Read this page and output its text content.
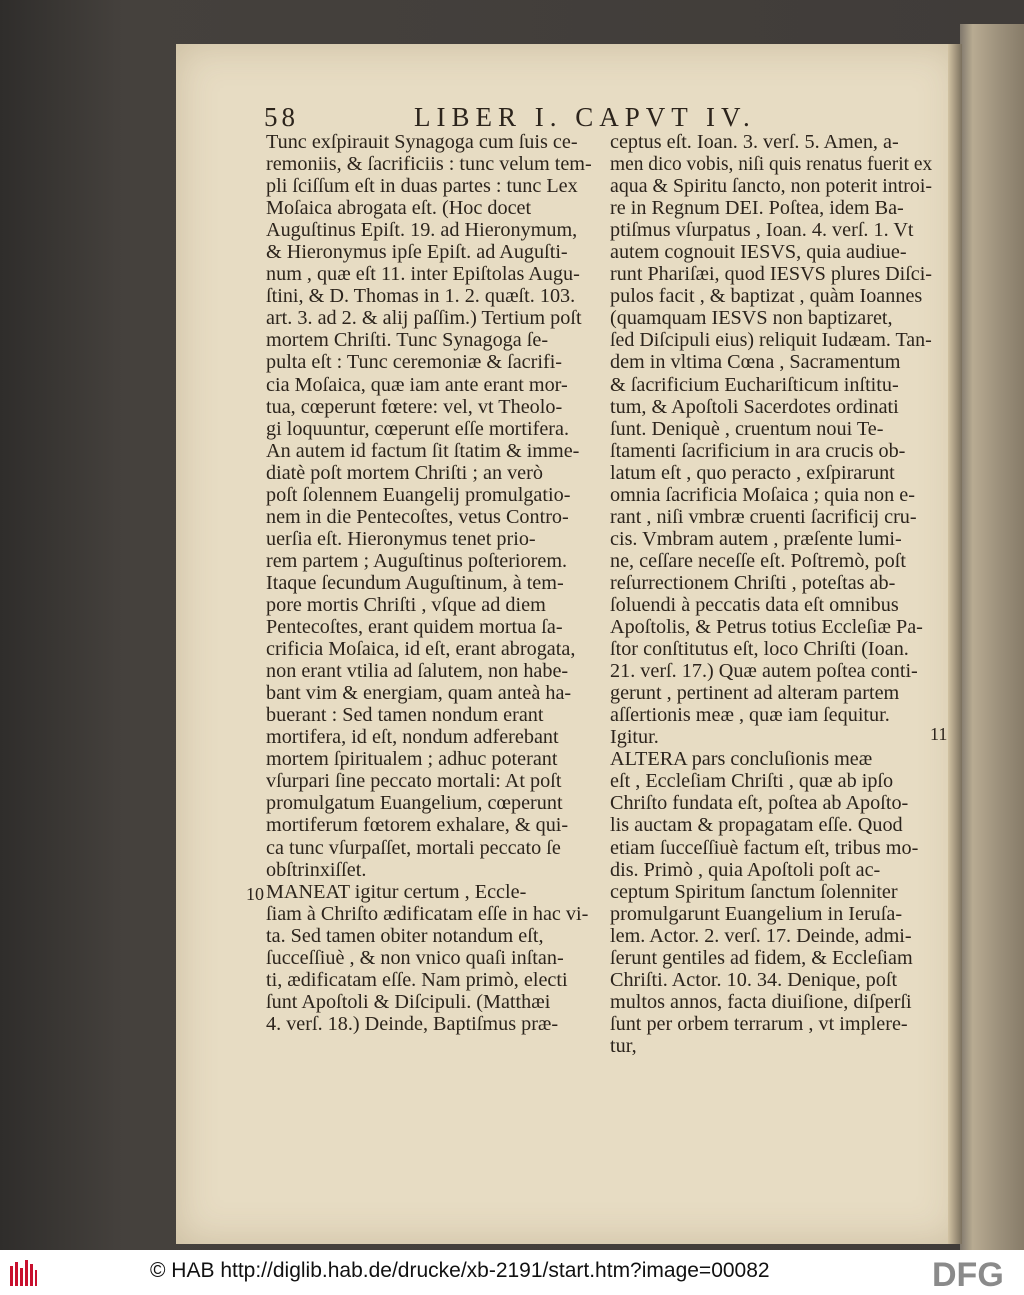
58	LIBER I. CAPVT IV.
Tunc exſpirauit Synagoga cum ſuis ce-
remoniis, & ſacrificiis : tunc velum tem-
pli ſciſſum eſt in duas partes : tunc Lex
Moſaica abrogata eſt. (Hoc docet
Auguſtinus Epiſt. 19. ad Hieronymum,
& Hieronymus ipſe Epiſt. ad Auguſti-
num , quæ eſt 11. inter Epiſtolas Augu-
ſtini, & D. Thomas in 1. 2. quæſt. 103.
art. 3. ad 2. & alij paſſim.) Tertium poſt
mortem Chriſti. Tunc Synagoga ſe-
pulta eſt : Tunc ceremoniæ & ſacrifi-
cia Moſaica, quæ iam ante erant mor-
tua, cœperunt fœtere: vel, vt Theolo-
gi loquuntur, cœperunt eſſe mortifera.
An autem id factum ſit ſtatim & imme-
diatè poſt mortem Chriſti ; an verò
poſt ſolennem Euangelij promulgatio-
nem in die Pentecoſtes, vetus Contro-
uerſia eſt. Hieronymus tenet prio-
rem partem ; Auguſtinus poſteriorem.
Itaque ſecundum Auguſtinum, à tem-
pore mortis Chriſti , vſque ad diem
Pentecoſtes, erant quidem mortua ſa-
crificia Moſaica, id eſt, erant abrogata,
non erant vtilia ad ſalutem, non habe-
bant vim & energiam, quam anteà ha-
buerant : Sed tamen nondum erant
mortifera, id eſt, nondum adferebant
mortem ſpiritualem ; adhuc poterant
vſurpari ſine peccato mortali: At poſt
promulgatum Euangelium, cœperunt
mortiferum fœtorem exhalare, & qui-
ca tunc vſurpaſſet, mortali peccato ſe
obſtrinxiſſet.
MANEAT igitur certum , Eccle-
ſiam à Chriſto ædificatam eſſe in hac vi-
ta. Sed tamen obiter notandum eſt,
ſucceſſiuè , & non vnico quaſi inſtan-
ti, ædificatam eſſe. Nam primò, electi
ſunt Apoſtoli & Diſcipuli. (Matthæi
4. verſ. 18.) Deinde, Baptiſmus præ-
ceptus eſt. Ioan. 3. verſ. 5. Amen, a-
men dico vobis, niſi quis renatus fuerit ex
aqua & Spiritu ſancto, non poterit introi-
re in Regnum DEI. Poſtea, idem Ba-
ptiſmus vſurpatus , Ioan. 4. verſ. 1. Vt
autem cognouit IESVS, quia audiue-
runt Phariſæi, quod IESVS plures Diſci-
pulos facit , & baptizat , quàm Ioannes
(quamquam IESVS non baptizaret,
ſed Diſcipuli eius) reliquit Iudæam. Tan-
dem in vltima Cœna , Sacramentum
& ſacrificium Euchariſticum inſtitu-
tum, & Apoſtoli Sacerdotes ordinati
ſunt. Deniquè , cruentum noui Te-
ſtamenti ſacrificium in ara crucis ob-
latum eſt , quo peracto , exſpirarunt
omnia ſacrificia Moſaica ; quia non e-
rant , niſi vmbræ cruenti ſacrificij cru-
cis. Vmbram autem , præſente lumi-
ne, ceſſare neceſſe eſt. Poſtremò, poſt
reſurrectionem Chriſti , poteſtas ab-
ſoluendi à peccatis data eſt omnibus
Apoſtolis, & Petrus totius Eccleſiæ Pa-
ſtor conſtitutus eſt, loco Chriſti (Ioan.
21. verſ. 17.) Quæ autem poſtea conti-
gerunt , pertinent ad alteram partem
aſſertionis meæ , quæ iam ſequitur.
Igitur.
ALTERA pars concluſionis meæ
eſt , Eccleſiam Chriſti , quæ ab ipſo
Chriſto fundata eſt, poſtea ab Apoſto-
lis auctam & propagatam eſſe. Quod
etiam ſucceſſiuè factum eſt, tribus mo-
dis. Primò , quia Apoſtoli poſt ac-
ceptum Spiritum ſanctum ſolenniter
promulgarunt Euangelium in Ieruſa-
lem. Actor. 2. verſ. 17. Deinde, admi-
ſerunt gentiles ad fidem, & Eccleſiam
Chriſti. Actor. 10. 34. Denique, poſt
multos annos, facta diuiſione, diſperſi
ſunt per orbem terrarum , vt implere-
tur,
10
11
© HAB http://diglib.hab.de/drucke/xb-2191/start.htm?image=00082	DFG
